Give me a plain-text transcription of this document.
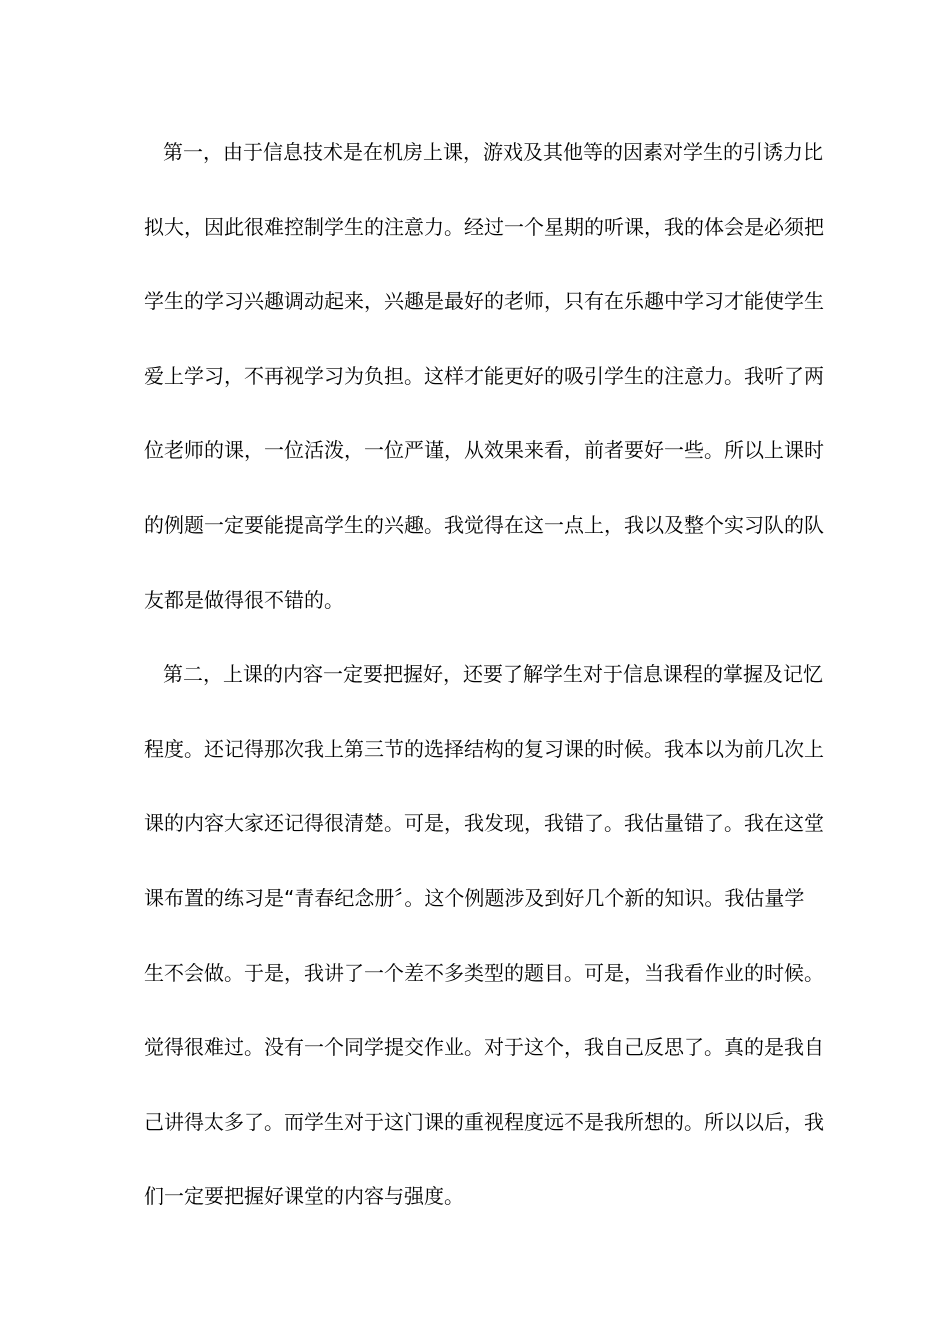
第一，由于信息技术是在机房上课，游戏及其他等的因素对学生的引诱力比
拟大，因此很难控制学生的注意力。经过一个星期的听课，我的体会是必须把
学生的学习兴趣调动起来，兴趣是最好的老师，只有在乐趣中学习才能使学生
爱上学习，不再视学习为负担。这样才能更好的吸引学生的注意力。我听了两
位老师的课，一位活泼，一位严谨，从效果来看，前者要好一些。所以上课时
的例题一定要能提高学生的兴趣。我觉得在这一点上，我以及整个实习队的队
友都是做得很不错的。
第二，上课的内容一定要把握好，还要了解学生对于信息课程的掌握及记忆
程度。还记得那次我上第三节的选择结构的复习课的时候。我本以为前几次上
课的内容大家还记得很清楚。可是，我发现，我错了。我估量错了。我在这堂
课布置的练习是“青春纪念册〞。这个例题涉及到好几个新的知识。我估量学
生不会做。于是，我讲了一个差不多类型的题目。可是，当我看作业的时候。
觉得很难过。没有一个同学提交作业。对于这个，我自己反思了。真的是我自
己讲得太多了。而学生对于这门课的重视程度远不是我所想的。所以以后，我
们一定要把握好课堂的内容与强度。
